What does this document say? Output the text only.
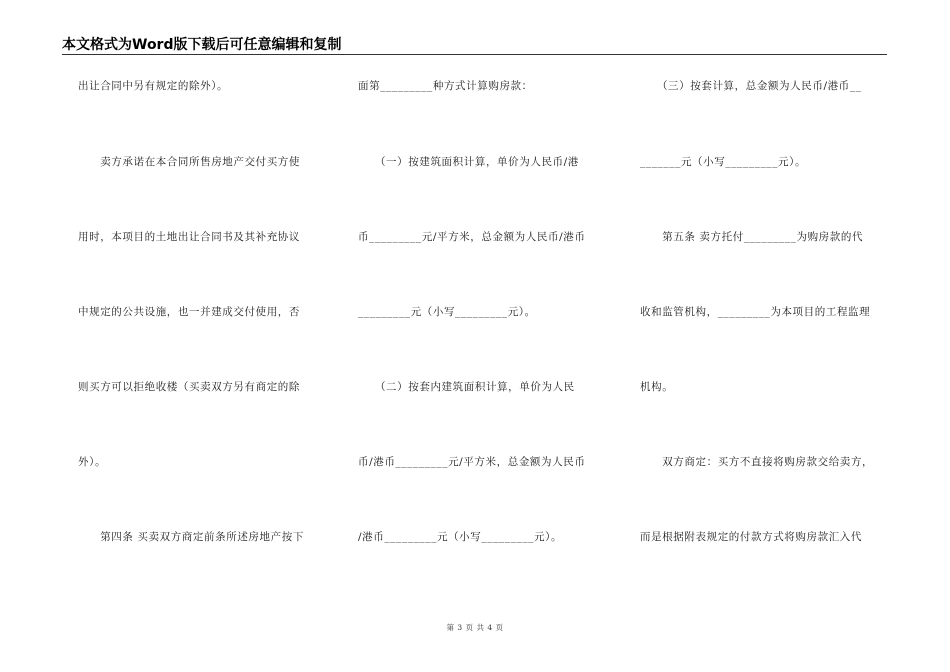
本文格式为Word版下载后可任意编辑和复制
出让合同中另有规定的除外）。
　　卖方承诺在本合同所售房地产交付买方使
用时，本项目的土地出让合同书及其补充协议
中规定的公共设施，也一并建成交付使用，否
则买方可以拒绝收楼（买卖双方另有商定的除
外）。
　　第四条 买卖双方商定前条所述房地产按下
面第_________种方式计算购房款：
　　（一）按建筑面积计算，单价为人民币/港
币_________元/平方米，总金额为人民币/港币
_________元（小写_________元）。
　　（二）按套内建筑面积计算，单价为人民
币/港币_________元/平方米，总金额为人民币
/港币_________元（小写_________元）。
　　（三）按套计算，总金额为人民币/港币__
_______元（小写_________元）。
　　第五条 卖方托付_________为购房款的代
收和监管机构，_________为本项目的工程监理
机构。
　　双方商定：买方不直接将购房款交给卖方，
而是根据附表规定的付款方式将购房款汇入代
第 3 页 共 4 页
